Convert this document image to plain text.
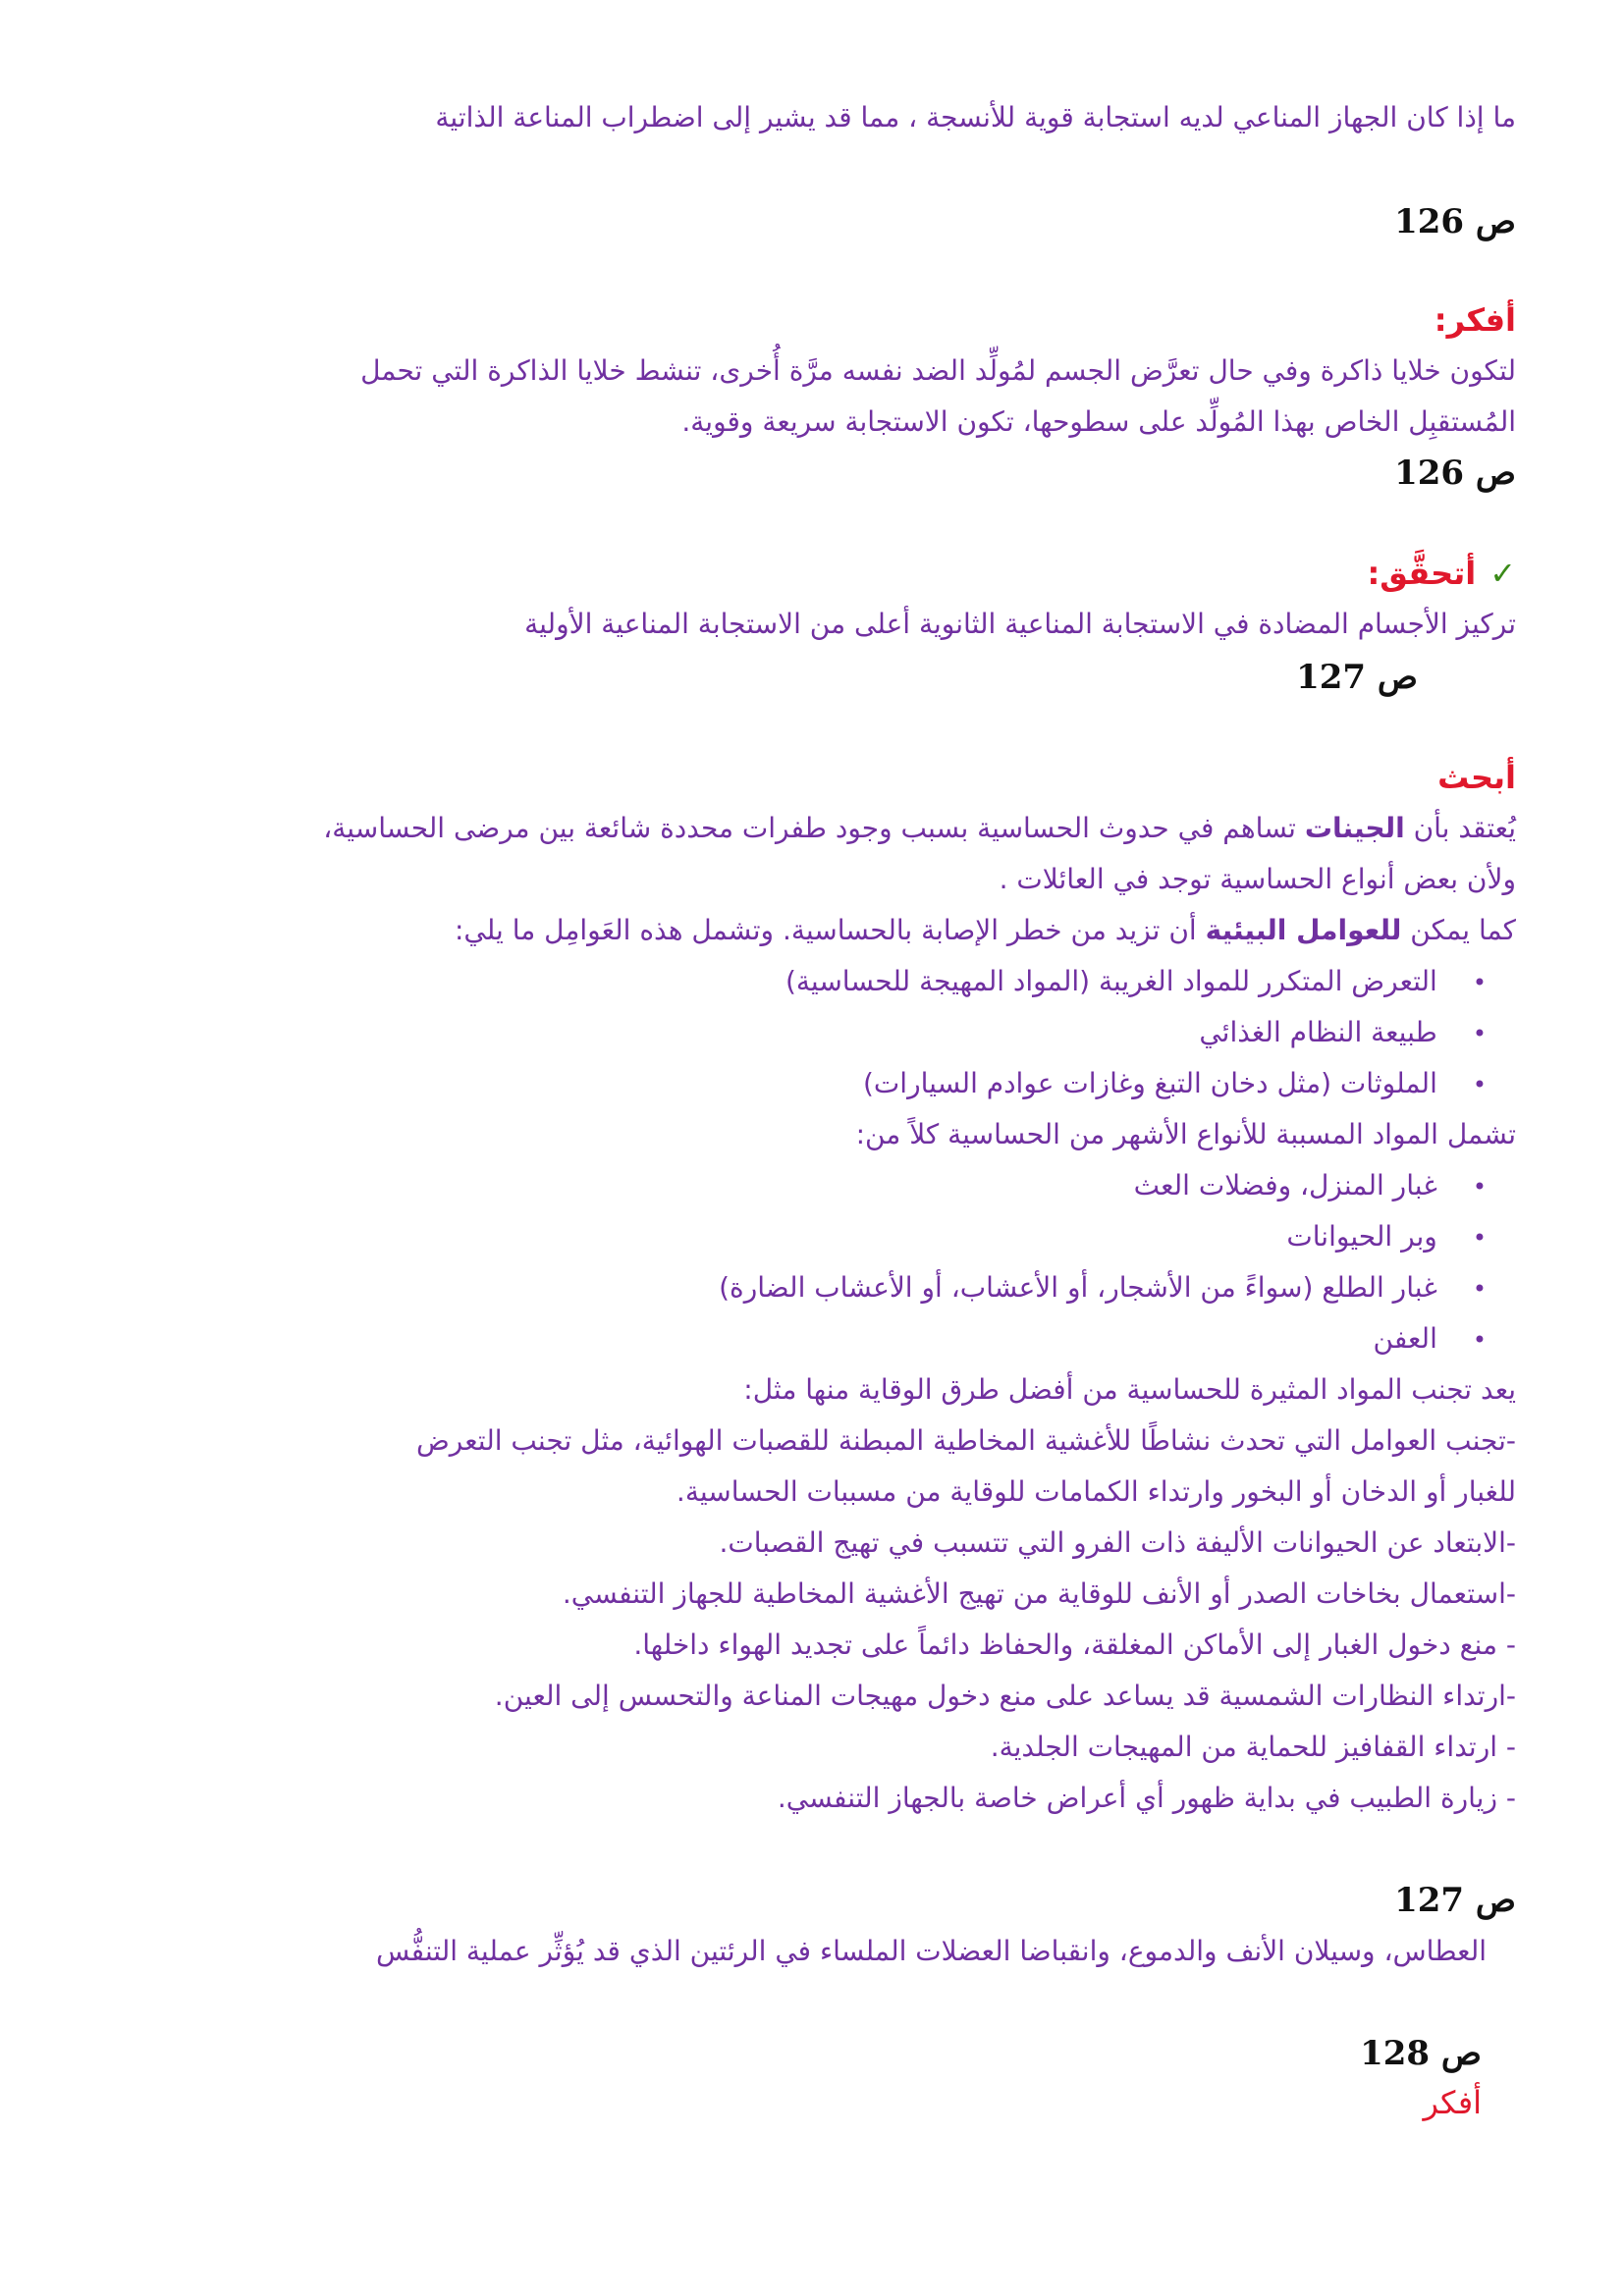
ما إذا كان الجهاز المناعي لديه استجابة قوية للأنسجة ، مما قد يشير إلى اضطراب المناعة الذاتية

ص 126

أفكر:

لتكون خلايا ذاكرة وفي حال تعرَّض الجسم لمُولِّد الضد نفسه مرَّة أُخرى، تنشط خلايا الذاكرة التي تحمل

المُستقبِل الخاص بهذا المُولِّد على سطوحها، تكون الاستجابة سريعة وقوية.

ص 126

✓أتحقَّق:

تركيز الأجسام المضادة في الاستجابة المناعية الثانوية أعلى من الاستجابة المناعية الأولية

ص 127

أبحث

يُعتقد بأن الجينات تساهم في حدوث الحساسية بسبب وجود طفرات محددة شائعة بين مرضى الحساسية،

ولأن بعض أنواع الحساسية توجد في العائلات .

كما يمكن للعوامل البيئية أن تزيد من خطر الإصابة بالحساسية. وتشمل هذه العَوامِل ما يلي:

•التعرض المتكرر للمواد الغريبة (المواد المهيجة للحساسية)

•طبيعة النظام الغذائي

•الملوثات (مثل دخان التبغ وغازات عوادم السيارات)

تشمل المواد المسببة للأنواع الأشهر من الحساسية كلاً من:

•غبار المنزل، وفضلات العث

•وبر الحيوانات

•غبار الطلع (سواءً من الأشجار، أو الأعشاب، أو الأعشاب الضارة)

•العفن

يعد تجنب المواد المثيرة للحساسية من أفضل طرق الوقاية منها مثل:

-تجنب العوامل التي تحدث نشاطًا للأغشية المخاطية المبطنة للقصبات الهوائية، مثل تجنب التعرض

للغبار أو الدخان أو البخور وارتداء الكمامات للوقاية من مسببات الحساسية.

-الابتعاد عن الحيوانات الأليفة ذات الفرو التي تتسبب في تهيج القصبات.

-استعمال بخاخات الصدر أو الأنف للوقاية من تهيج الأغشية المخاطية للجهاز التنفسي.

- منع دخول الغبار إلى الأماكن المغلقة، والحفاظ دائماً على تجديد الهواء داخلها.

-ارتداء النظارات الشمسية قد يساعد على منع دخول مهيجات المناعة والتحسس إلى العين.

- ارتداء القفافيز للحماية من المهيجات الجلدية.

- زيارة الطبيب في بداية ظهور أي أعراض خاصة بالجهاز التنفسي.

ص 127

العطاس، وسيلان الأنف والدموع، وانقباضا العضلات الملساء في الرئتين الذي قد يُؤثِّر عملية التنفُّس

ص 128

أفكر
